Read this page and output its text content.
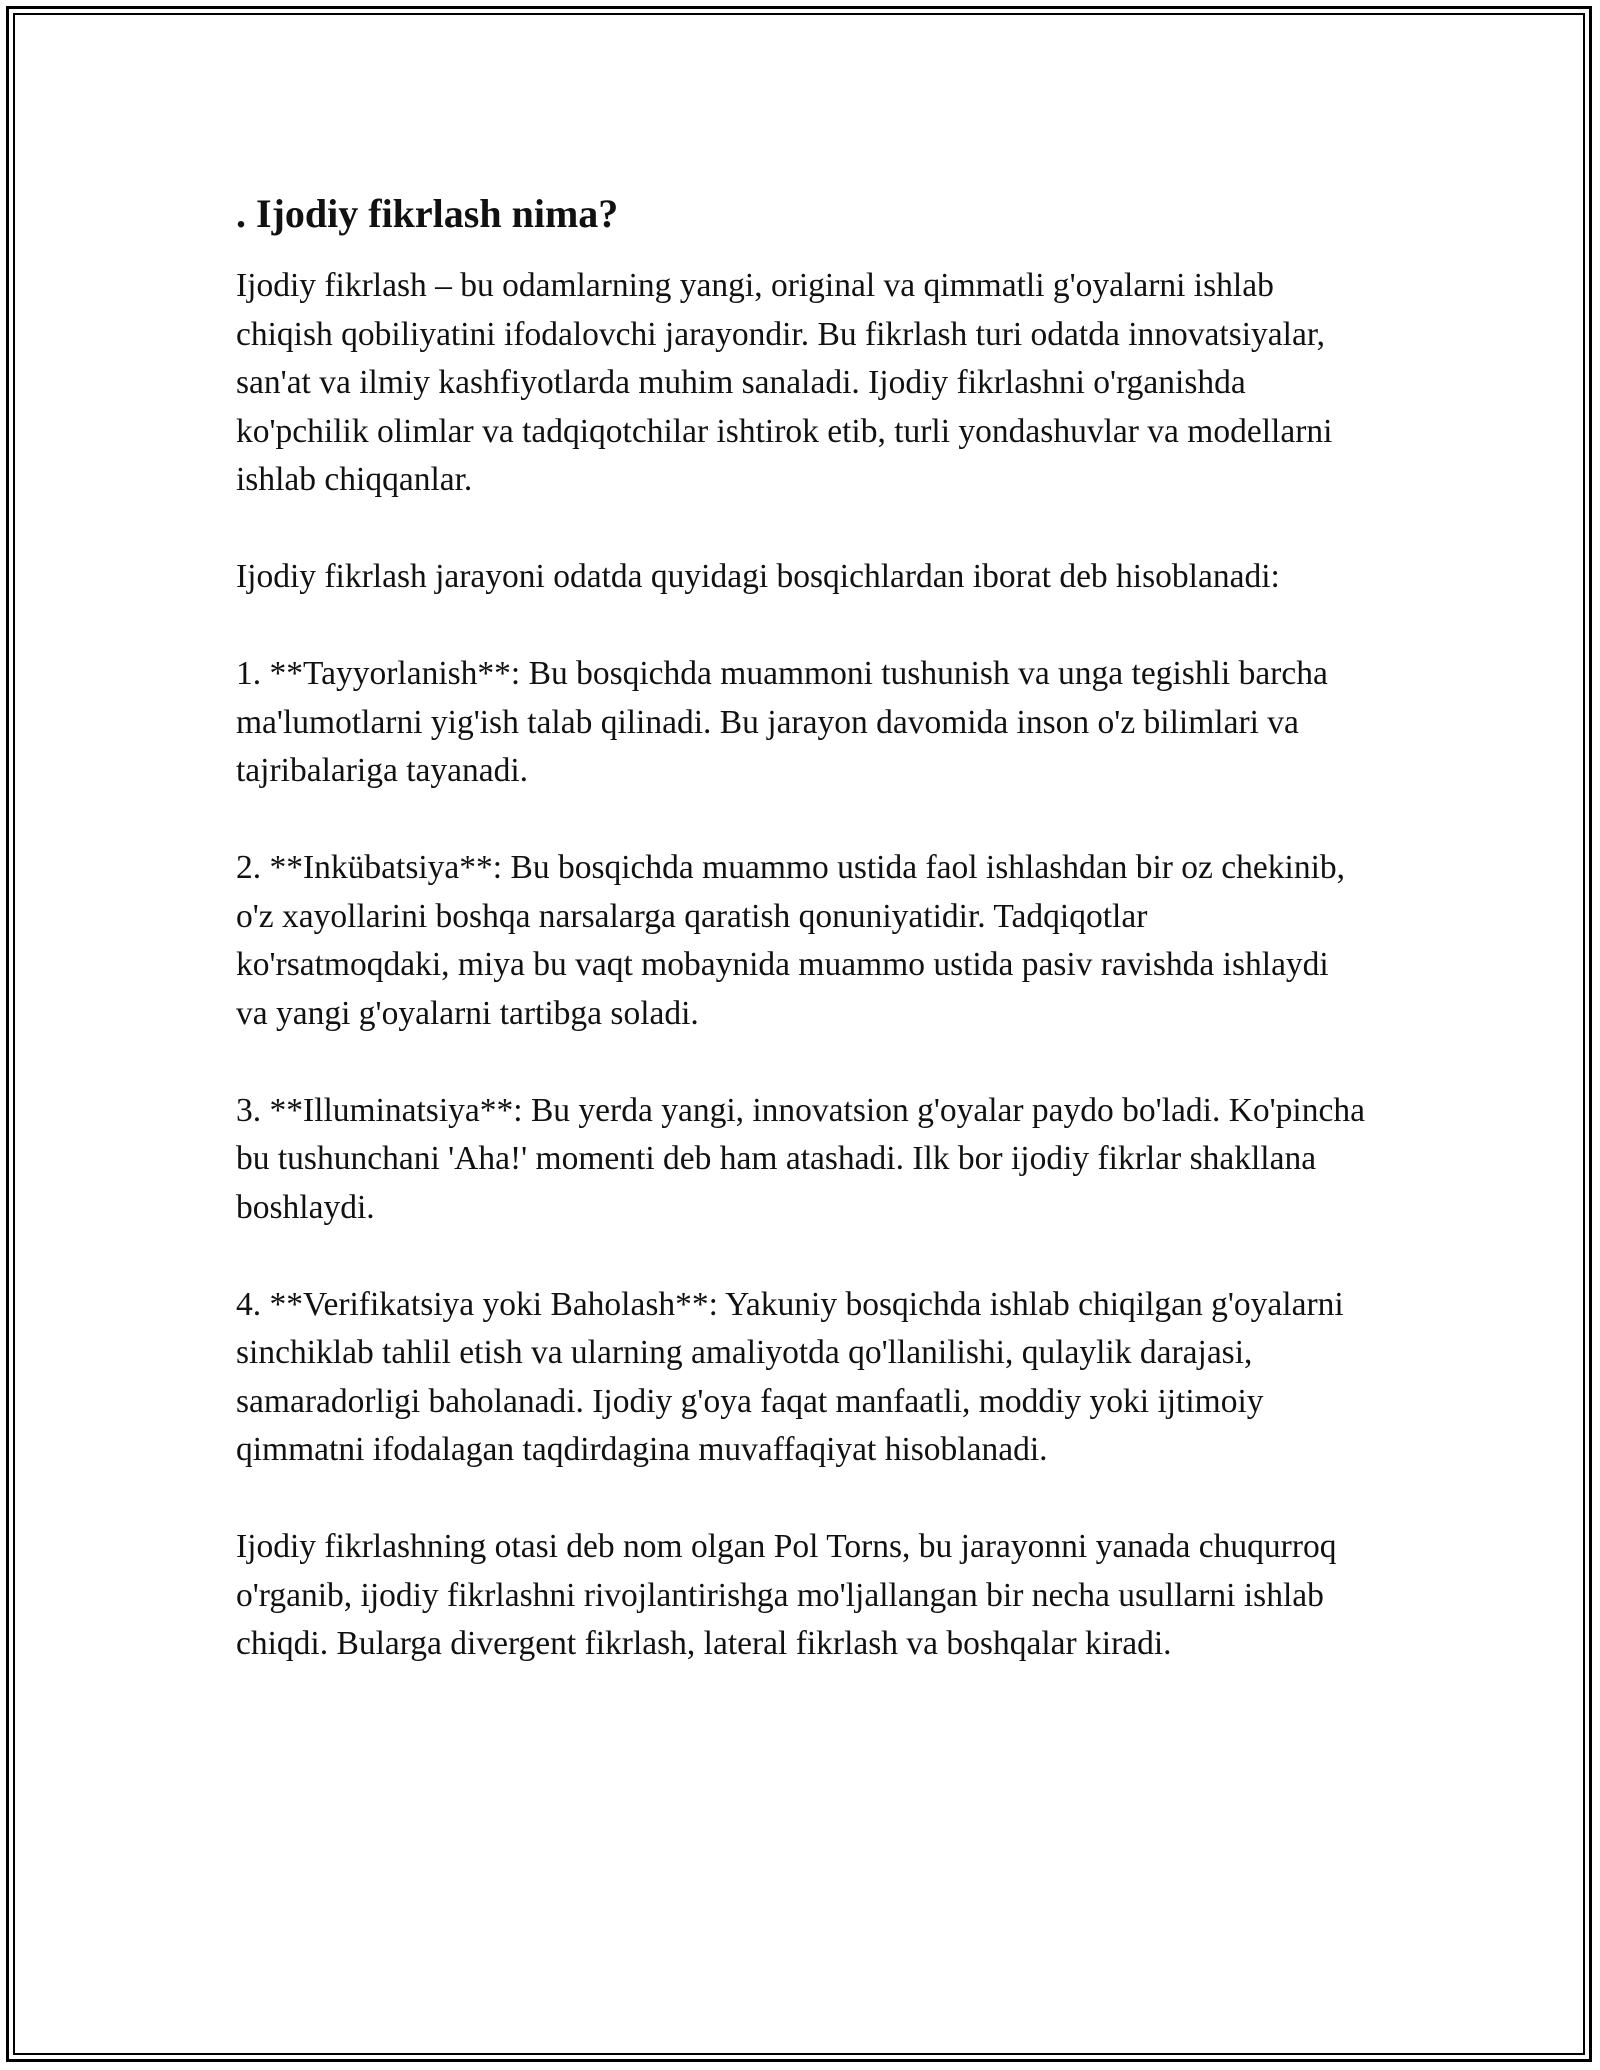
. Ijodiy fikrlash nima?

Ijodiy fikrlash – bu odamlarning yangi, original va qimmatli g'oyalarni ishlab chiqish qobiliyatini ifodalovchi jarayondir. Bu fikrlash turi odatda innovatsiyalar, san'at va ilmiy kashfiyotlarda muhim sanaladi. Ijodiy fikrlashni o'rganishda ko'pchilik olimlar va tadqiqotchilar ishtirok etib, turli yondashuvlar va modellarni ishlab chiqqanlar.

Ijodiy fikrlash jarayoni odatda quyidagi bosqichlardan iborat deb hisoblanadi:

1. **Tayyorlanish**: Bu bosqichda muammoni tushunish va unga tegishli barcha ma'lumotlarni yig'ish talab qilinadi. Bu jarayon davomida inson o'z bilimlari va tajribalariga tayanadi.

2. **Inkübatsiya**: Bu bosqichda muammo ustida faol ishlashdan bir oz chekinib, o'z xayollarini boshqa narsalarga qaratish qonuniyatidir. Tadqiqotlar ko'rsatmoqdaki, miya bu vaqt mobaynida muammo ustida pasiv ravishda ishlaydi va yangi g'oyalarni tartibga soladi.

3. **Illuminatsiya**: Bu yerda yangi, innovatsion g'oyalar paydo bo'ladi. Ko'pincha bu tushunchani 'Aha!' momenti deb ham atashadi. Ilk bor ijodiy fikrlar shakllana boshlaydi.

4. **Verifikatsiya yoki Baholash**: Yakuniy bosqichda ishlab chiqilgan g'oyalarni sinchiklab tahlil etish va ularning amaliyotda qo'llanilishi, qulaylik darajasi, samaradorligi baholanadi. Ijodiy g'oya faqat manfaatli, moddiy yoki ijtimoiy qimmatni ifodalagan taqdirdagina muvaffaqiyat hisoblanadi.

Ijodiy fikrlashning otasi deb nom olgan Pol Torns, bu jarayonni yanada chuqurroq o'rganib, ijodiy fikrlashni rivojlantirishga mo'ljallangan bir necha usullarni ishlab chiqdi. Bularga divergent fikrlash, lateral fikrlash va boshqalar kiradi.
